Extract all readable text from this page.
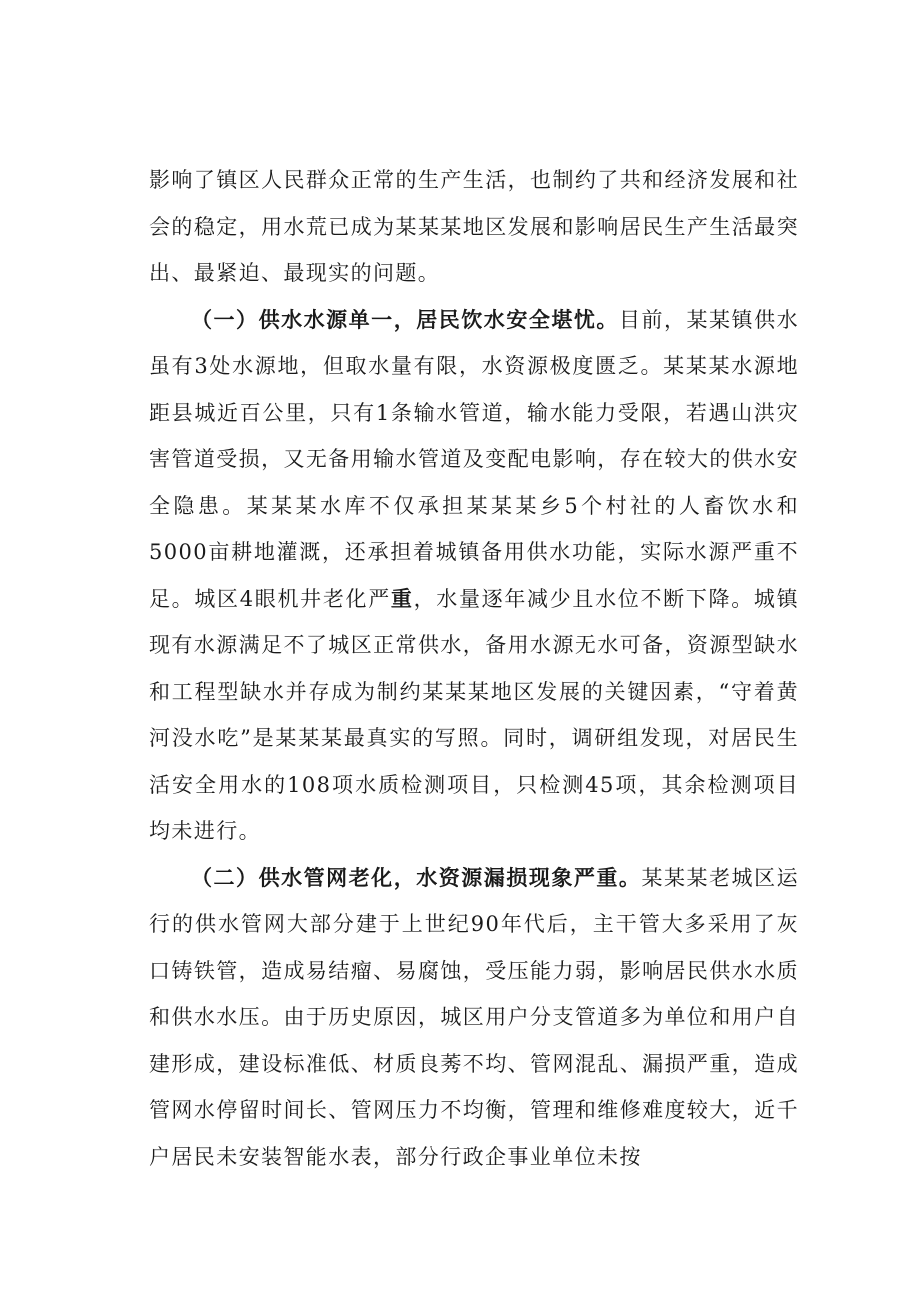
影响了镇区人民群众正常的生产生活，也制约了共和经济发展和社会的稳定，用水荒已成为某某某地区发展和影响居民生产生活最突出、最紧迫、最现实的问题。

（一）供水水源单一，居民饮水安全堪忧。目前，某某镇供水虽有3处水源地，但取水量有限，水资源极度匮乏。某某某水源地距县城近百公里，只有1条输水管道，输水能力受限，若遇山洪灾害管道受损，又无备用输水管道及变配电影响，存在较大的供水安全隐患。某某某水库不仅承担某某某乡5个村社的人畜饮水和5000亩耕地灌溉，还承担着城镇备用供水功能，实际水源严重不足。城区4眼机井老化严重，水量逐年减少且水位不断下降。城镇现有水源满足不了城区正常供水，备用水源无水可备，资源型缺水和工程型缺水并存成为制约某某某地区发展的关键因素，“守着黄河没水吃”是某某某最真实的写照。同时，调研组发现，对居民生活安全用水的108项水质检测项目，只检测45项，其余检测项目均未进行。

（二）供水管网老化，水资源漏损现象严重。某某某老城区运行的供水管网大部分建于上世纪90年代后，主干管大多采用了灰口铸铁管，造成易结瘤、易腐蚀，受压能力弱，影响居民供水水质和供水水压。由于历史原因，城区用户分支管道多为单位和用户自建形成，建设标准低、材质良莠不均、管网混乱、漏损严重，造成管网水停留时间长、管网压力不均衡，管理和维修难度较大，近千户居民未安装智能水表，部分行政企事业单位未按
